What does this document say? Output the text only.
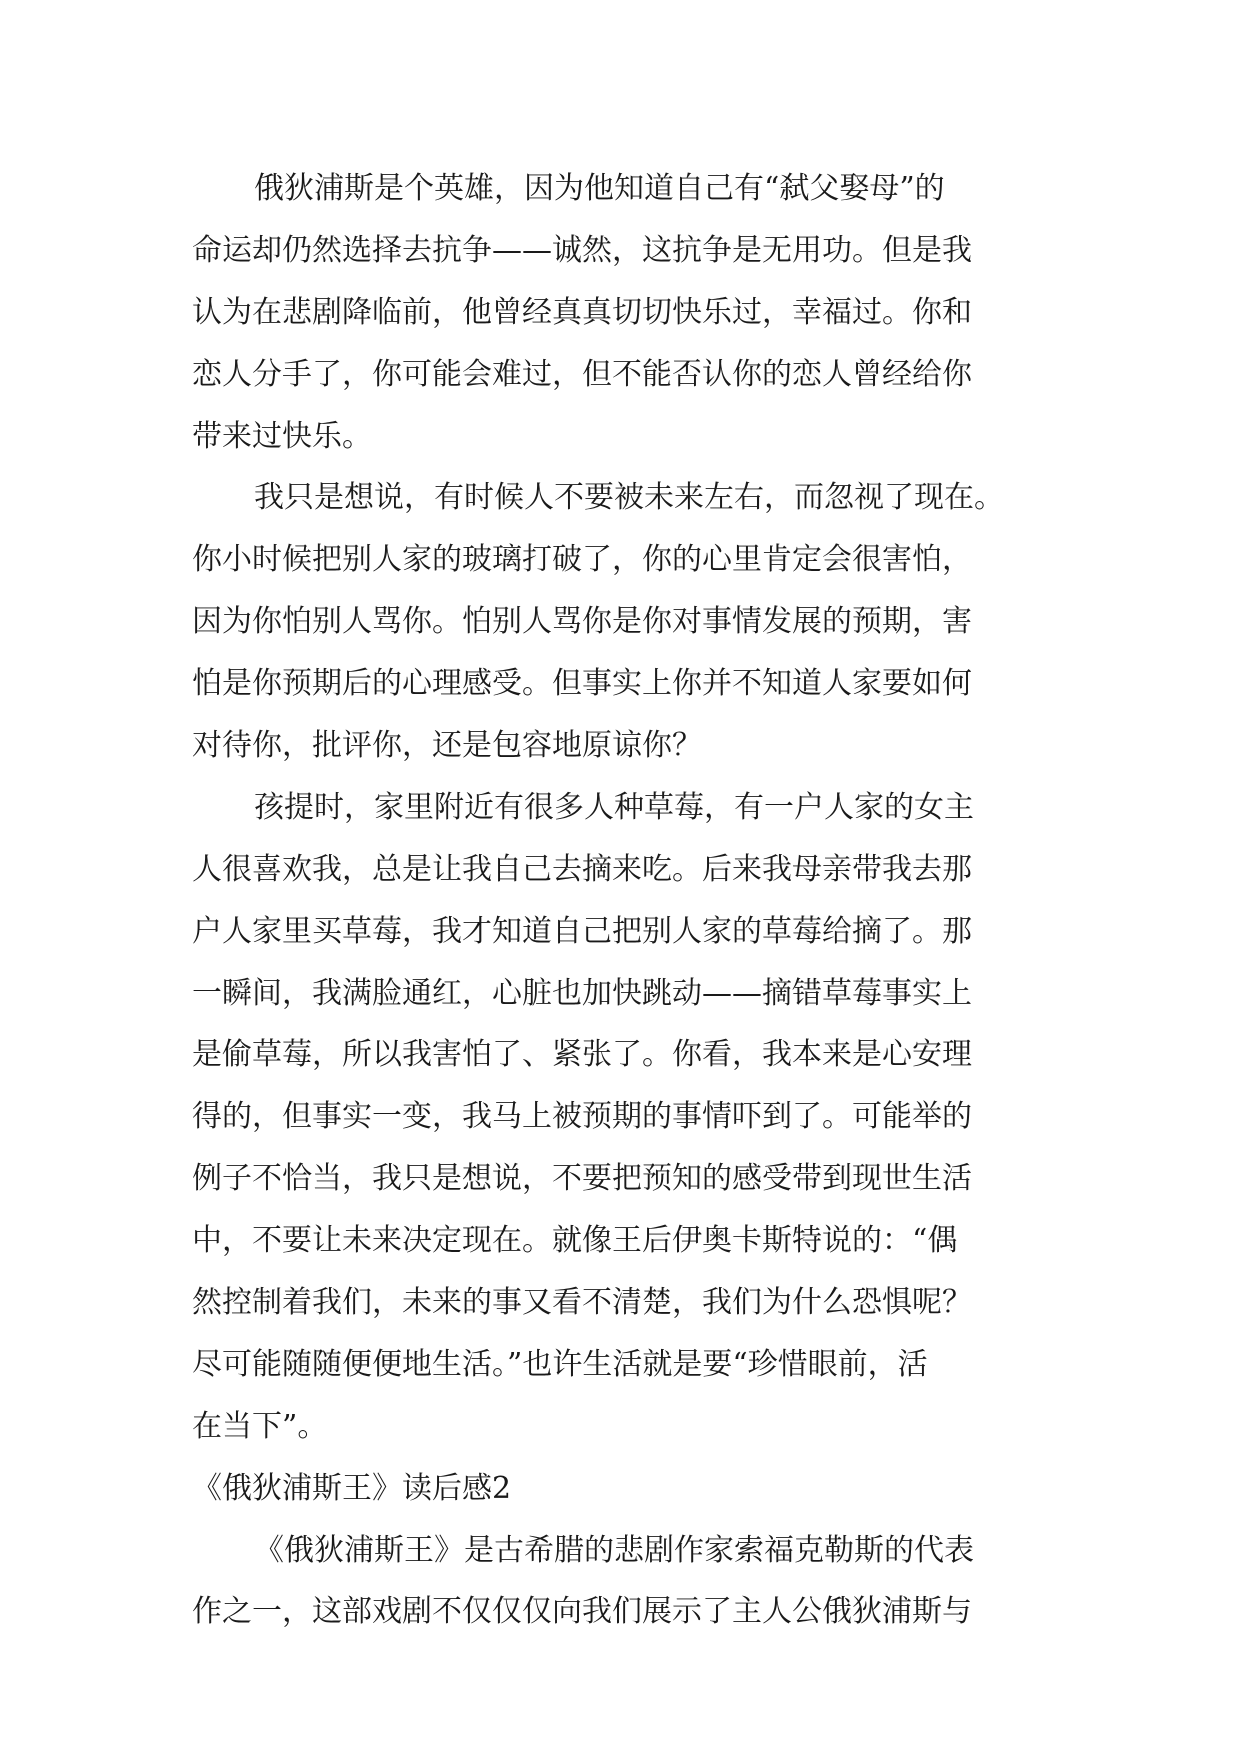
俄狄浦斯是个英雄，因为他知道自己有“弑父娶母”的
命运却仍然选择去抗争——诚然，这抗争是无用功。但是我
认为在悲剧降临前，他曾经真真切切快乐过，幸福过。你和
恋人分手了，你可能会难过，但不能否认你的恋人曾经给你
带来过快乐。
我只是想说，有时候人不要被未来左右，而忽视了现在。
你小时候把别人家的玻璃打破了，你的心里肯定会很害怕，
因为你怕别人骂你。怕别人骂你是你对事情发展的预期，害
怕是你预期后的心理感受。但事实上你并不知道人家要如何
对待你，批评你，还是包容地原谅你？
孩提时，家里附近有很多人种草莓，有一户人家的女主
人很喜欢我，总是让我自己去摘来吃。后来我母亲带我去那
户人家里买草莓，我才知道自己把别人家的草莓给摘了。那
一瞬间，我满脸通红，心脏也加快跳动——摘错草莓事实上
是偷草莓，所以我害怕了、紧张了。你看，我本来是心安理
得的，但事实一变，我马上被预期的事情吓到了。可能举的
例子不恰当，我只是想说，不要把预知的感受带到现世生活
中，不要让未来决定现在。就像王后伊奥卡斯特说的：“偶
然控制着我们，未来的事又看不清楚，我们为什么恐惧呢？
尽可能随随便便地生活。”也许生活就是要“珍惜眼前，活
在当下”。
《俄狄浦斯王》读后感2
《俄狄浦斯王》是古希腊的悲剧作家索福克勒斯的代表
作之一，这部戏剧不仅仅仅向我们展示了主人公俄狄浦斯与
